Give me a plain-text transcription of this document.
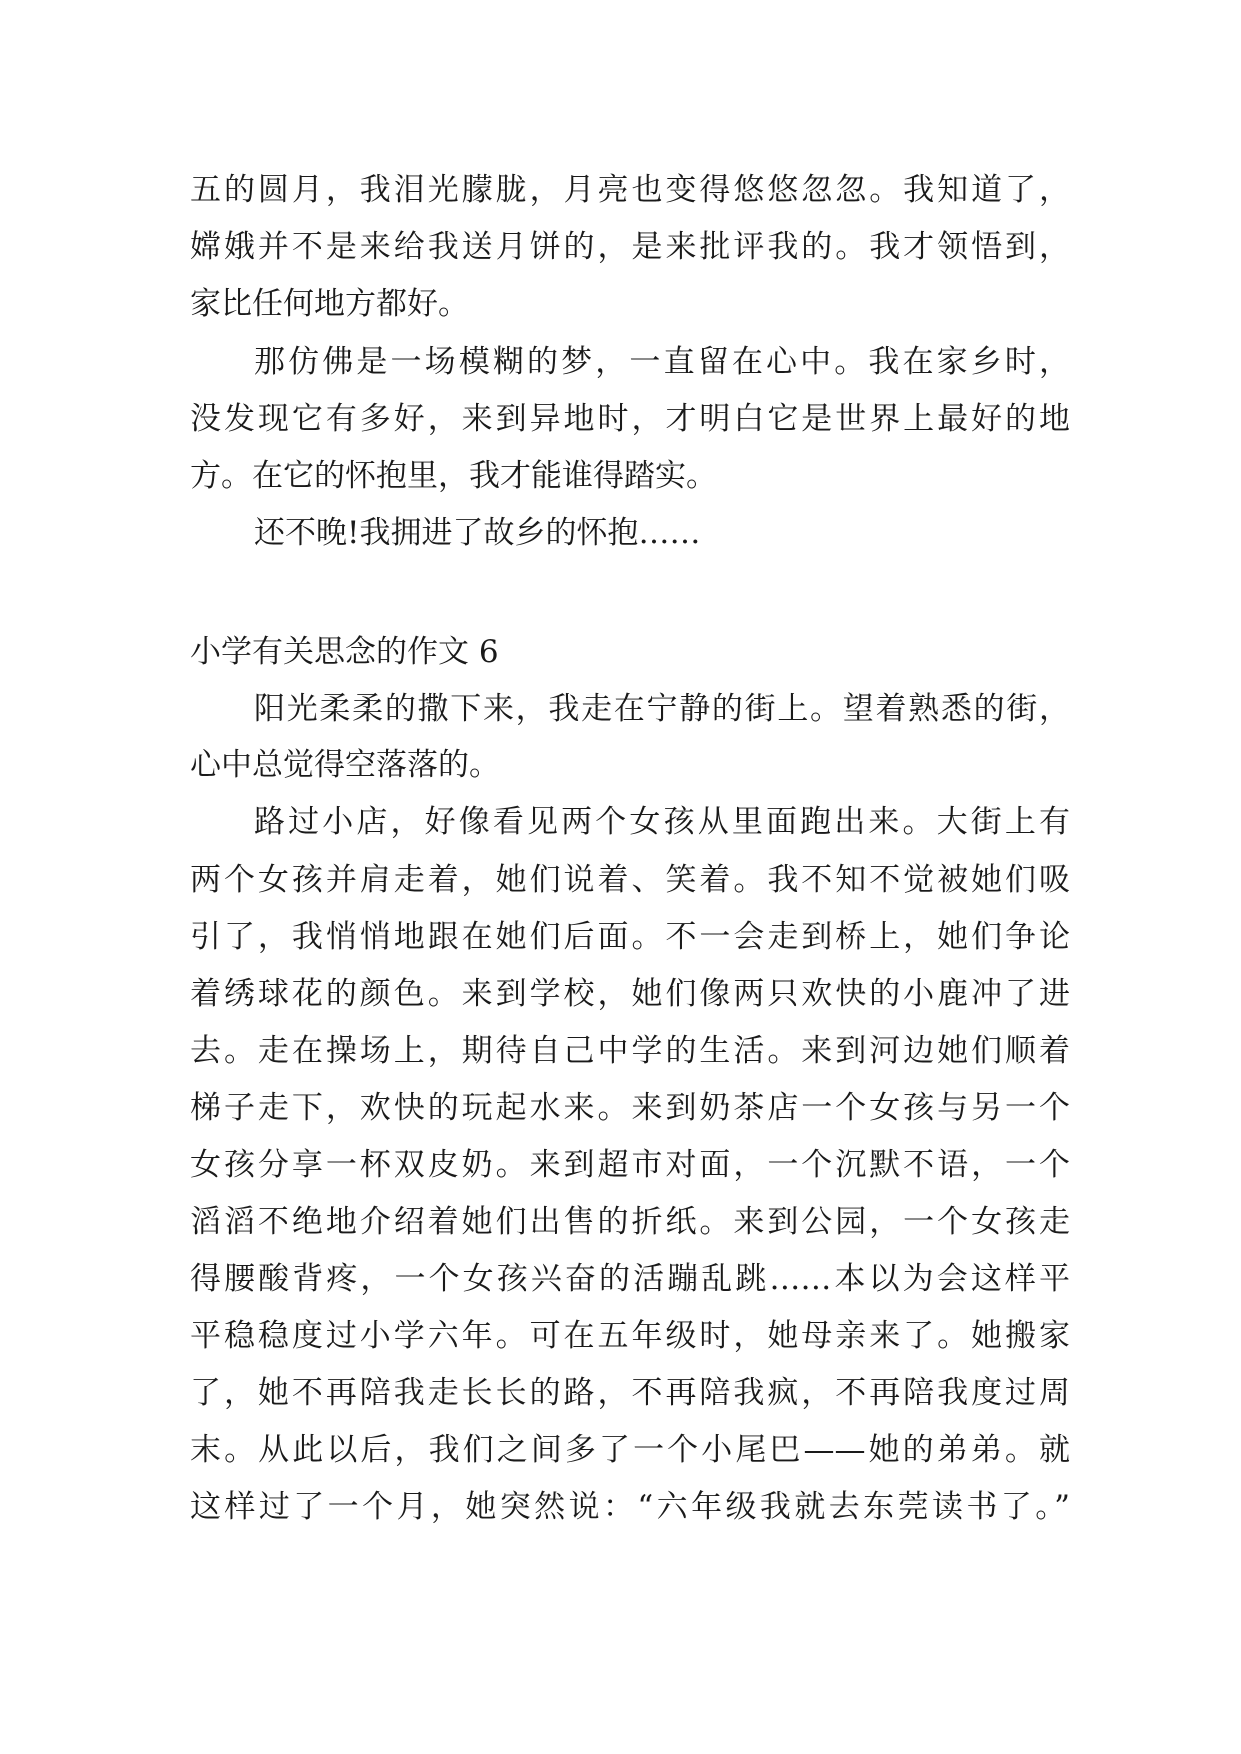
五的圆月，我泪光朦胧，月亮也变得悠悠忽忽。我知道了，
嫦娥并不是来给我送月饼的，是来批评我的。我才领悟到，
家比任何地方都好。
那仿佛是一场模糊的梦，一直留在心中。我在家乡时，
没发现它有多好，来到异地时，才明白它是世界上最好的地
方。在它的怀抱里，我才能谁得踏实。
还不晚!我拥进了故乡的怀抱……
小学有关思念的作文 6
阳光柔柔的撒下来，我走在宁静的街上。望着熟悉的街，
心中总觉得空落落的。
路过小店，好像看见两个女孩从里面跑出来。大街上有
两个女孩并肩走着，她们说着、笑着。我不知不觉被她们吸
引了，我悄悄地跟在她们后面。不一会走到桥上，她们争论
着绣球花的颜色。来到学校，她们像两只欢快的小鹿冲了进
去。走在操场上，期待自己中学的生活。来到河边她们顺着
梯子走下，欢快的玩起水来。来到奶茶店一个女孩与另一个
女孩分享一杯双皮奶。来到超市对面，一个沉默不语，一个
滔滔不绝地介绍着她们出售的折纸。来到公园，一个女孩走
得腰酸背疼，一个女孩兴奋的活蹦乱跳……本以为会这样平
平稳稳度过小学六年。可在五年级时，她母亲来了。她搬家
了，她不再陪我走长长的路，不再陪我疯，不再陪我度过周
末。从此以后，我们之间多了一个小尾巴——她的弟弟。就
这样过了一个月，她突然说：“六年级我就去东莞读书了。”
